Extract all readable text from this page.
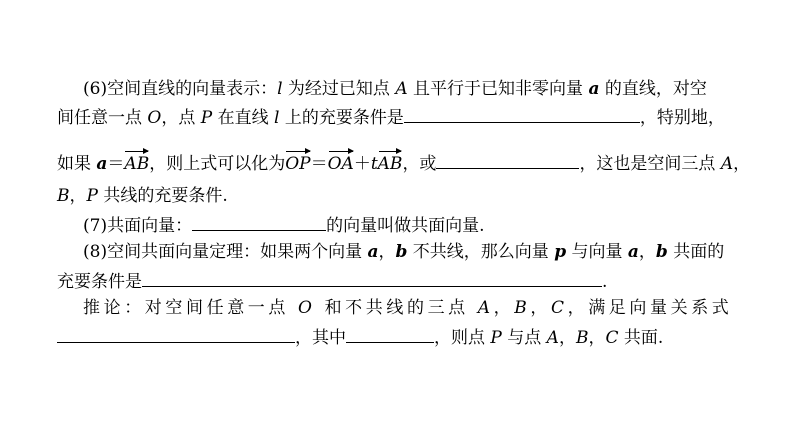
(6)空间直线的向量表示：l 为经过已知点 A 且平行于已知非零向量 a 的直线，对空
间任意一点 O，点 P 在直线 l 上的充要条件是	，特别地，
如果 a＝AB，则上式可以化为OP＝OA＋tAB，或	，这也是空间三点 A，
B，P 共线的充要条件.
(7)共面向量：	的向量叫做共面向量.
(8)空间共面向量定理：如果两个向量 a，b 不共线，那么向量 p 与向量 a，b 共面的
充要条件是	.
推论：对空间任意一点 O 和不共线的三点 A，B，C，满足向量关系式
，其中	，则点 P 与点 A，B，C 共面.
